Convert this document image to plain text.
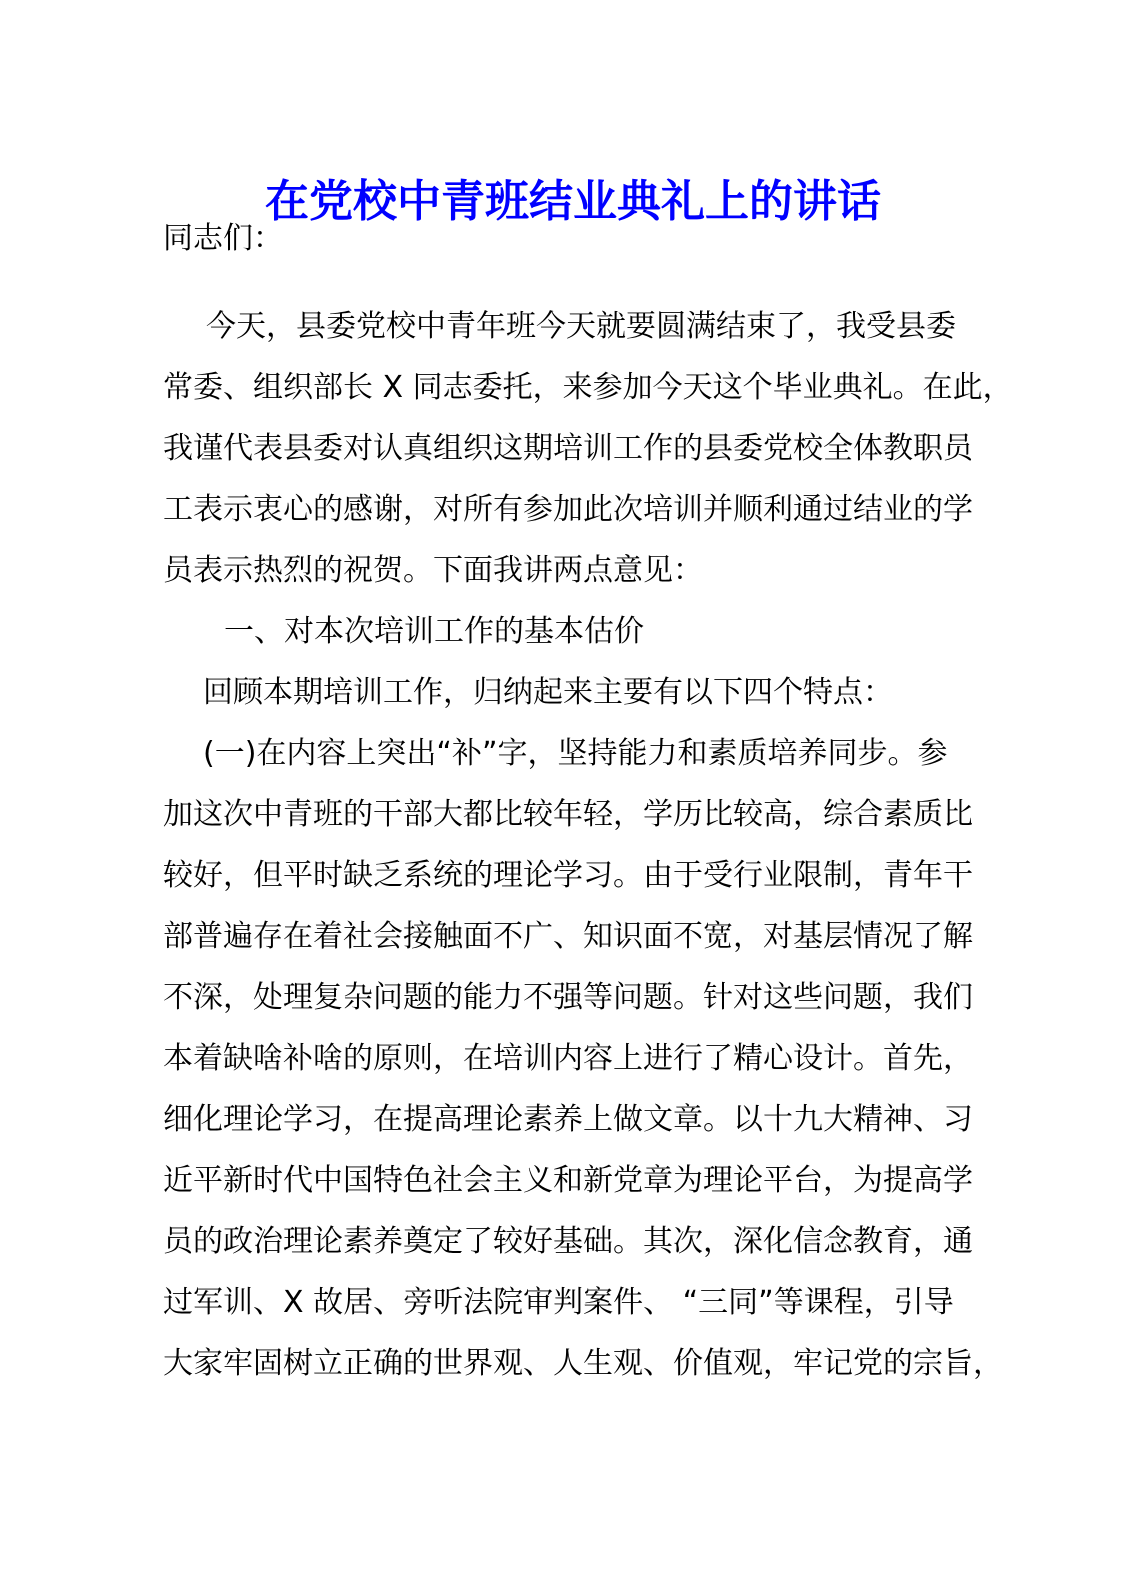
在党校中青班结业典礼上的讲话
同志们：
今天，县委党校中青年班今天就要圆满结束了，我受县委
常委、组织部长 X 同志委托，来参加今天这个毕业典礼。在此，
我谨代表县委对认真组织这期培训工作的县委党校全体教职员
工表示衷心的感谢，对所有参加此次培训并顺利通过结业的学
员表示热烈的祝贺。下面我讲两点意见：
一、对本次培训工作的基本估价
回顾本期培训工作，归纳起来主要有以下四个特点：
(一)在内容上突出“补”字，坚持能力和素质培养同步。参
加这次中青班的干部大都比较年轻，学历比较高，综合素质比
较好，但平时缺乏系统的理论学习。由于受行业限制，青年干
部普遍存在着社会接触面不广、知识面不宽，对基层情况了解
不深，处理复杂问题的能力不强等问题。针对这些问题，我们
本着缺啥补啥的原则，在培训内容上进行了精心设计。首先，
细化理论学习，在提高理论素养上做文章。以十九大精神、习
近平新时代中国特色社会主义和新党章为理论平台，为提高学
员的政治理论素养奠定了较好基础。其次，深化信念教育，通
过军训、X 故居、旁听法院审判案件、 “三同”等课程，引导
大家牢固树立正确的世界观、人生观、价值观，牢记党的宗旨，
